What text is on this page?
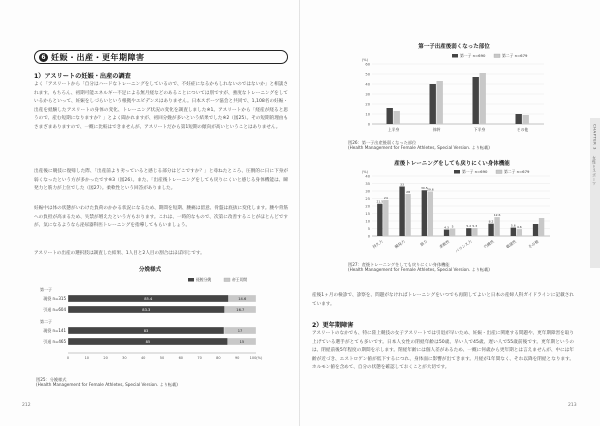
6 妊娠・出産・更年期障害
1）アスリートの妊娠・出産の調査

よく「アスリートから「自分はハードなトレーニングをしているので、不妊症になるかもしれないのではないか」と相談されます。もちろん、初期可能エネルギー不足による無月経などのあることについては別ですが、強度なトレーニングをしているからといって、妊娠をしづらいという根拠やエビデンスはありません。日本スポーツ協会と共同で、1,108名の妊娠・出産を経験したアスリートの身体の変化、トレーニング状況の変化を調査しました※1。アスリートから「経産が経ると思うので、産む短期になりますか？」とよく聞かれますが、初回分娩が多いという結果でした※2（図25）。その短期的理由もさまざまありますので、一概に比較はできませんが、アスリートだから第1短期の傾向が高いということはありません。

出産後に競技に復帰した際、「出産前より劣っていると感じる部分はどこですか？」と尋ねたところ、圧倒的に日に下身が弱くなったという方が多かったです※3（図26）。また、「出産後トレーニングをしても戻りにくいと感じる身体機能は、瞬発力と筋力が上位でした（図27）。柔軟性という回答がありました。

妊娠中は体の状態がいわけた負荷のかかる状況になるため、期間を短期、腰痛は留意、骨盤は底抜に変化します。腰や背筋への負担が高まるため、失禁が増えたという方もおります。これは、一時的なもので、次第に改善することがほとんどですが、気になるようなら泌尿器科医トレーニングを指導してもらいましょう。

アスリートの出産の選択肢は調査した結果、1人目と2人目の割合はほぼ同じです。

分娩様式
経膣分娩	帝王切開
第一子
現役 n=315	85.4	14.6
引退 n=604	83.3	16.7
第二子
現役 n=141	83	17
引退 n=465	85	15
0	10	20	30	40	50	60	70	80	90	100(%)
図25：分娩様式
(Health Management for Female Athletes, Special Version. より転載)
212
第一子出産後弱くなった部位
第一子 n=690	第二子 n=679
(%)
60
50
40
30
20
10
0
上半身	体幹	下半身	その他
図26：第一子出産後弱くなった部位
(Health Management for Female Athletes, Special Version. より転載)
産後トレーニングをしても戻りにくい身体機能
第一子 n=690	第二子 n=679
(%)
40
35
30
25
20
15
10
5
0
21.5
24
持久力
33
28
瞬発力
30.5 29.6
筋力
4.3 5
柔軟性
5.2 5.3
バランス力
8.2
12.6
巧緻性
5.6 4.6
敏捷性	その他
図27：産後トレーニングをしても戻りにくい身体機能
(Health Management for Female Athletes, Special Version. より転載)

産後1ヶ月の検診で、診察を、問題がなければトレーニングをいつでも再開してよいと日本の産婦人科ガイドラインに記載されています。

2）更年期障害

アスリートのなかでも、特に陸上競技の女子アスリートでは引退が早いため、妊娠・出産に関連する問題や、更年期障害を取り上げている選手がとても多いです。日本人女性の閉経年齢は50歳、早い人で45歳、遅い人で55歳前後です。更年期というのは、閉経前後5年程度の期間を示します。閉経年齢には個人差があるため、一概に何歳から更年期とは言えませんが、中には年齢が近づき、エストロゲン値が低下するにつれ、身体面に影響が出てきます。月経が1年間なく、それ以降を閉経となります。ホルモン値を含めて、自分の状態を確認しておくことが大切です。

213
CHAPTER 3
女性とスポーツ
